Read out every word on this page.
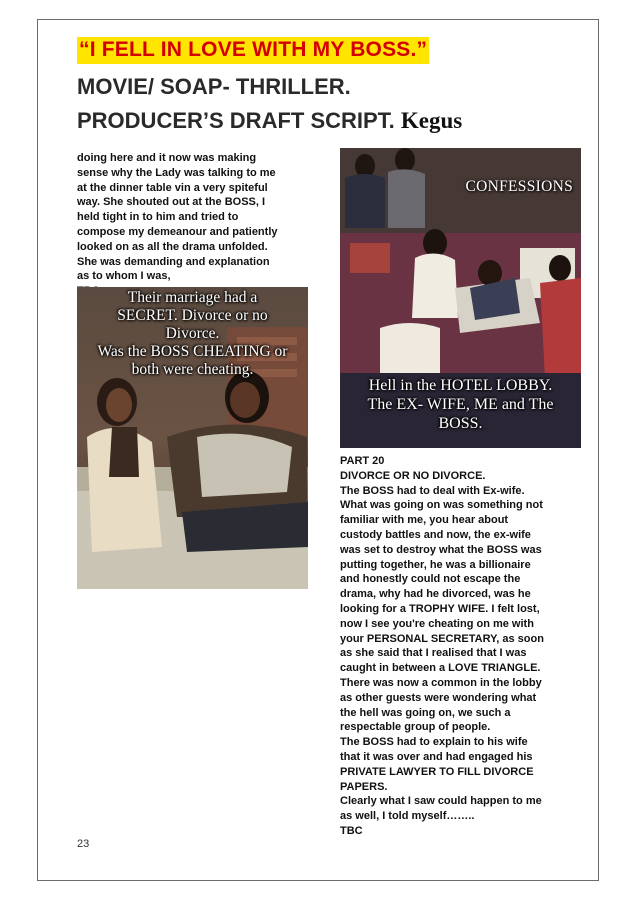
“I FELL IN LOVE WITH MY BOSS.”
MOVIE/ SOAP- THRILLER.
PRODUCER’S DRAFT SCRIPT. Kegus
doing here and it now was making
sense why the Lady was talking to me
at the dinner table vin a very spiteful
way. She shouted out at the BOSS, I
held tight in to him and tried to
compose my demeanour and patiently
looked on as all the drama unfolded.
She was demanding and explanation
as to whom I was,
Their marriage had a
SECRET. Divorce or no
Divorce.
Was the BOSS CHEATING or
both were cheating.
CONFESSIONS
Hell in the HOTEL LOBBY.
The EX- WIFE, ME and The
BOSS.
PART 20
DIVORCE OR NO DIVORCE.
The BOSS had to deal with Ex-wife.
What was going on was something not
familiar with me, you hear about
custody battles and now, the ex-wife
was set to destroy what the BOSS was
putting together, he was a billionaire
and honestly could not escape the
drama, why had he divorced, was he
looking for a TROPHY WIFE. I felt lost,
now I see you're cheating on me with
your PERSONAL SECRETARY, as soon
as she said that I realised that I was
caught in between a LOVE TRIANGLE.
There was now a common in the lobby
as other guests were wondering what
the hell was going on, we such a
respectable group of people.
The BOSS had to explain to his wife
that it was over and had engaged his
PRIVATE LAWYER TO FILL DIVORCE
PAPERS.
Clearly what I saw could happen to me
as well, I told myself……..
TBC
23
